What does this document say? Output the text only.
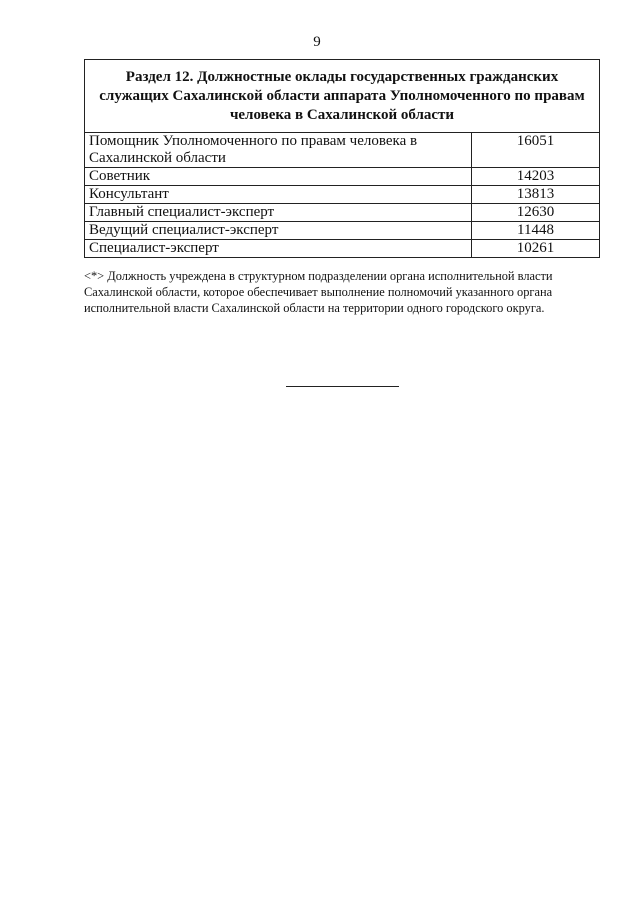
9
Раздел 12. Должностные оклады государственных гражданских служащих Сахалинской области аппарата Уполномоченного по правам человека в Сахалинской области	
Помощник Уполномоченного по правам человека в Сахалинской области	16051
Советник	14203
Консультант	13813
Главный специалист-эксперт	12630
Ведущий специалист-эксперт	11448
Специалист-эксперт	10261
<*> Должность учреждена в структурном подразделении органа исполнительной власти Сахалинской области, которое обеспечивает выполнение полномочий указанного органа исполнительной власти Сахалинской области на территории одного городского округа.
